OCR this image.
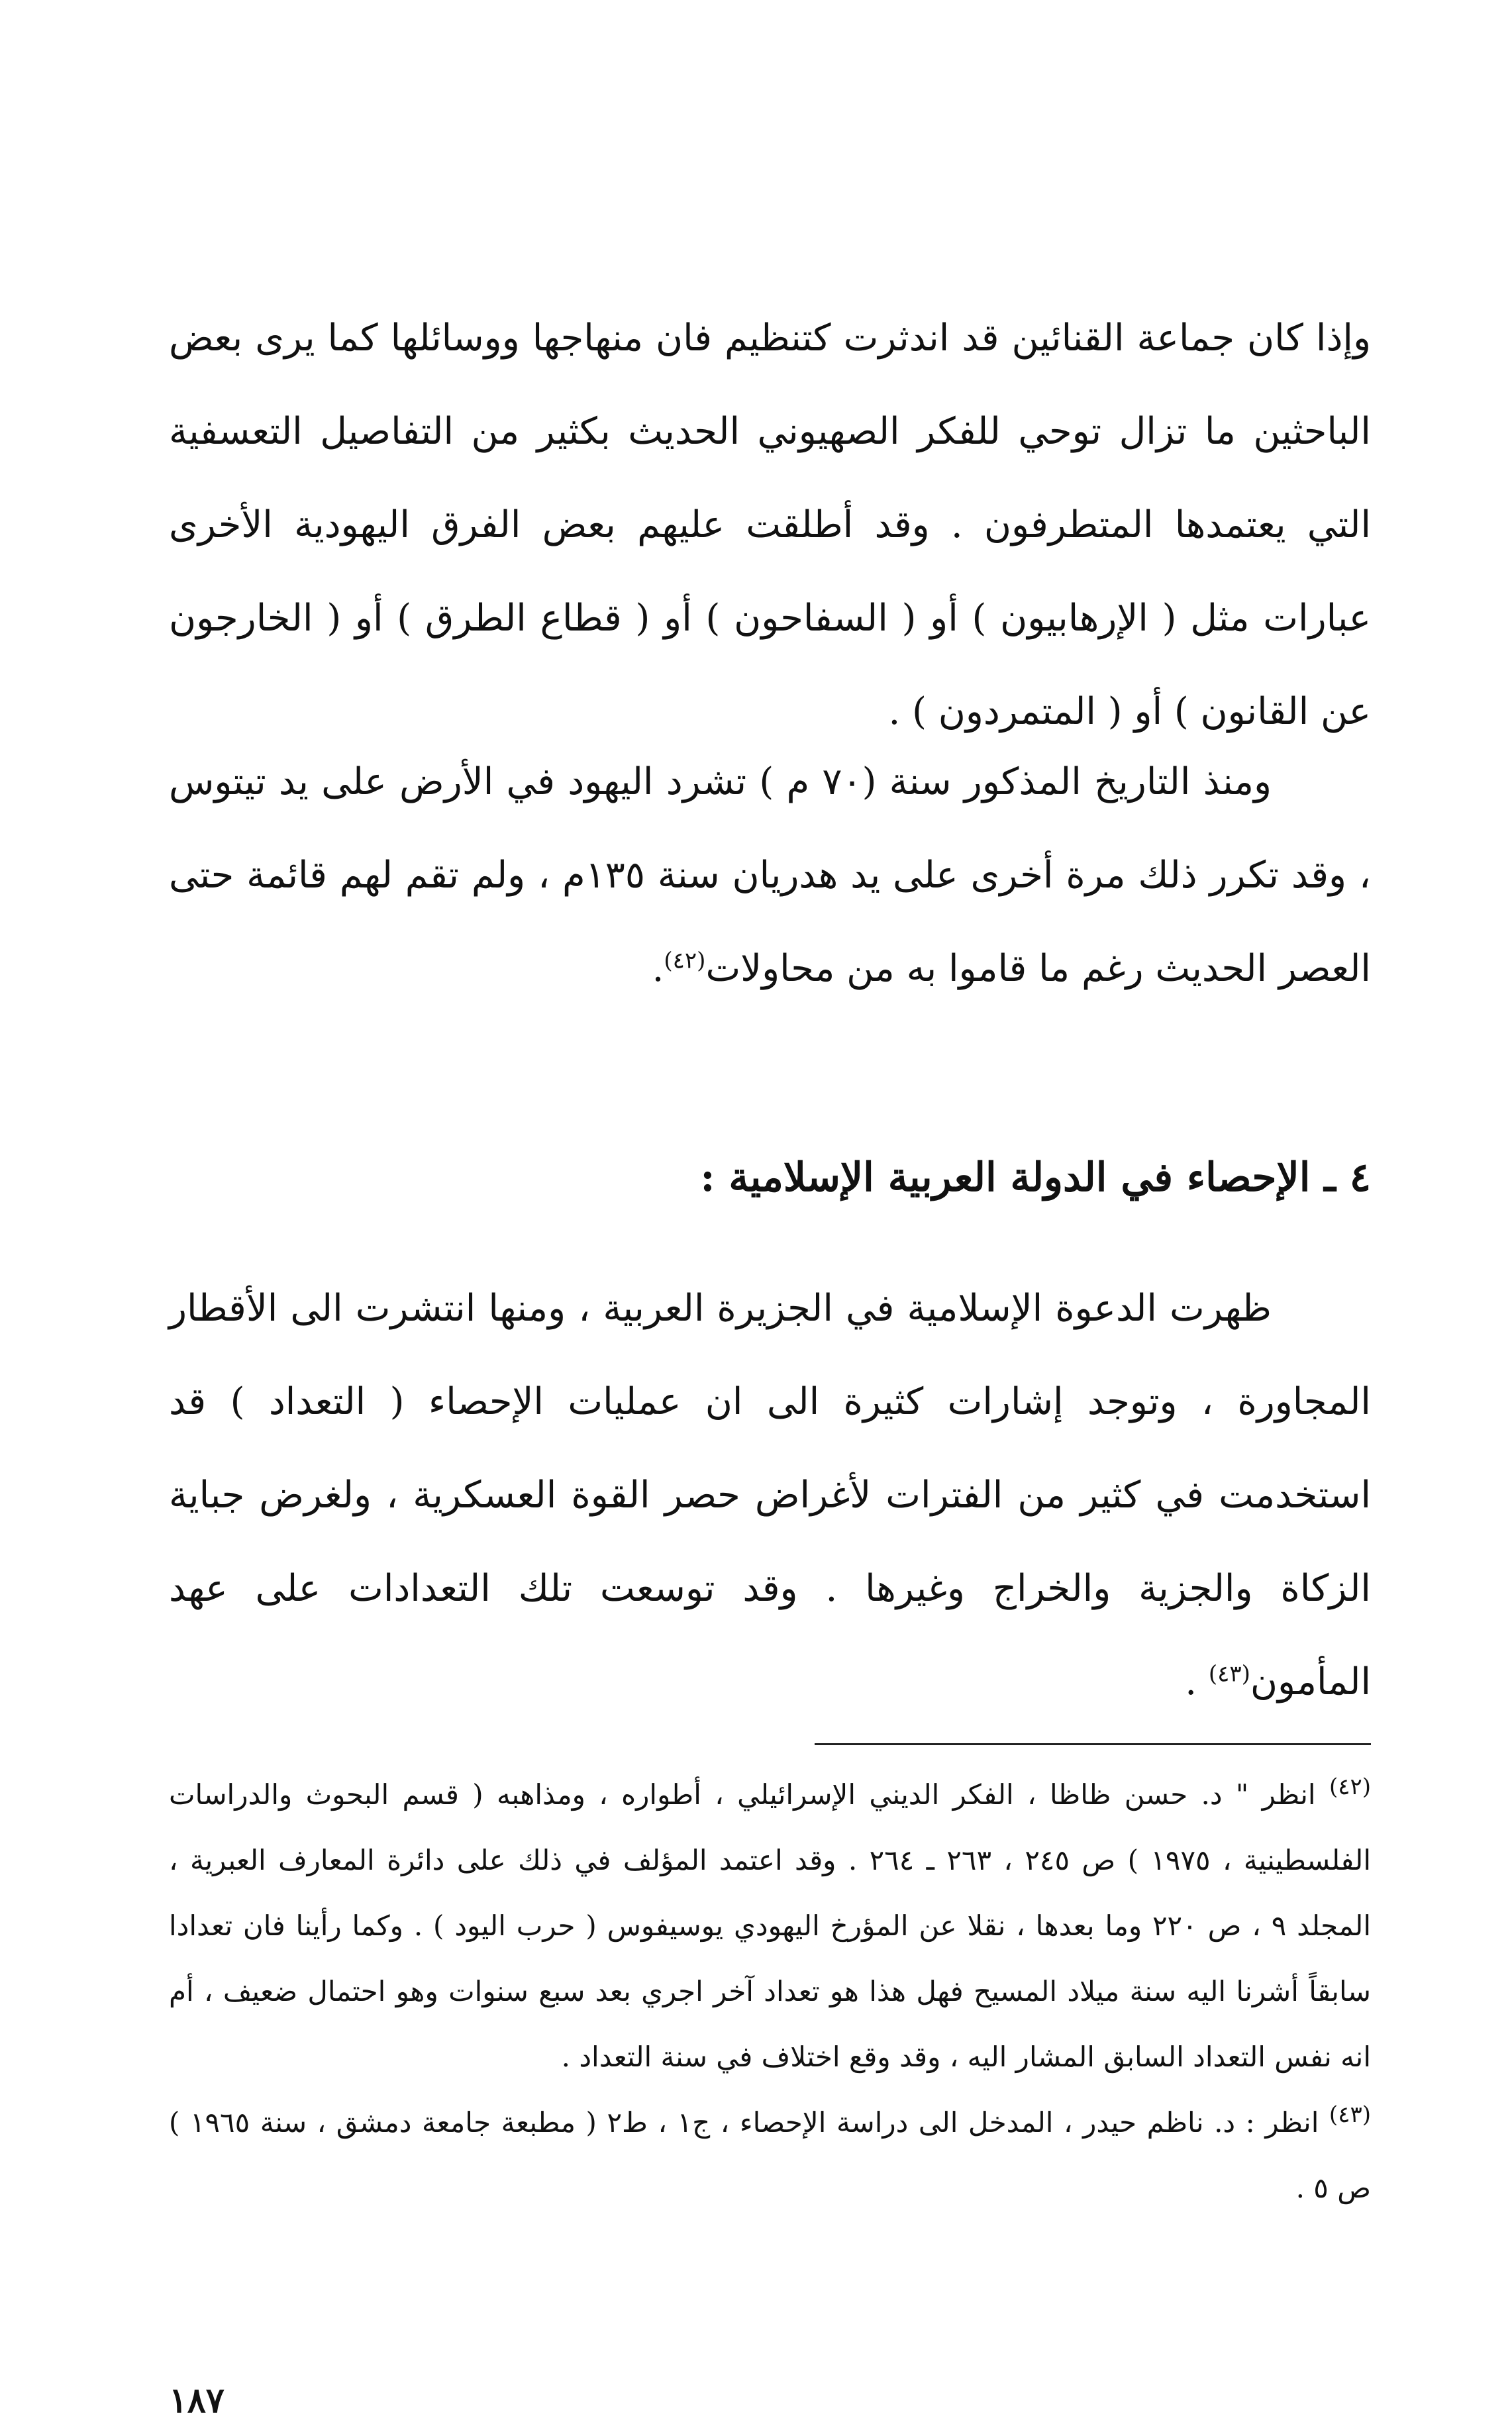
وإذا كان جماعة القنائين قد اندثرت كتنظيم فان منهاجها ووسائلها كما يرى بعض الباحثين ما تزال توحي للفكر الصهيوني الحديث بكثير من التفاصيل التعسفية التي يعتمدها المتطرفون . وقد أطلقت عليهم بعض الفرق اليهودية الأخرى عبارات مثل ( الإرهابيون ) أو ( السفاحون ) أو ( قطاع الطرق ) أو ( الخارجون عن القانون ) أو ( المتمردون ) .

ومنذ التاريخ المذكور سنة (٧٠ م ) تشرد اليهود في الأرض على يد تيتوس ، وقد تكرر ذلك مرة أخرى على يد هدريان سنة ١٣٥م ، ولم تقم لهم قائمة حتى العصر الحديث رغم ما قاموا به من محاولات$^{(٤٢)}$.

٤ ـ الإحصاء في الدولة العربية الإسلامية :

ظهرت الدعوة الإسلامية في الجزيرة العربية ، ومنها انتشرت الى الأقطار المجاورة ، وتوجد إشارات كثيرة الى ان عمليات الإحصاء ( التعداد ) قد استخدمت في كثير من الفترات لأغراض حصر القوة العسكرية ، ولغرض جباية الزكاة والجزية والخراج وغيرها . وقد توسعت تلك التعدادات على عهد المأمون$^{(٤٣)}$ .

$^{(٤٢)}$ انظر " د. حسن ظاظا ، الفكر الديني الإسرائيلي ، أطواره ، ومذاهبه ( قسم البحوث والدراسات الفلسطينية ، ١٩٧٥ ) ص ٢٤٥ ، ٢٦٣ ـ ٢٦٤ . وقد اعتمد المؤلف في ذلك على دائرة المعارف العبرية ، المجلد ٩ ، ص ٢٢٠ وما بعدها ، نقلا عن المؤرخ اليهودي يوسيفوس ( حرب اليود ) . وكما رأينا فان تعدادا سابقاً أشرنا اليه سنة ميلاد المسيح فهل هذا هو تعداد آخر اجري بعد سبع سنوات وهو احتمال ضعيف ، أم انه نفس التعداد السابق المشار اليه ، وقد وقع اختلاف في سنة التعداد .

$^{(٤٣)}$ انظر : د. ناظم حيدر ، المدخل الى دراسة الإحصاء ، ج١ ، ط٢ ( مطبعة جامعة دمشق ، سنة ١٩٦٥ ) ص ٥ .

١٨٧
